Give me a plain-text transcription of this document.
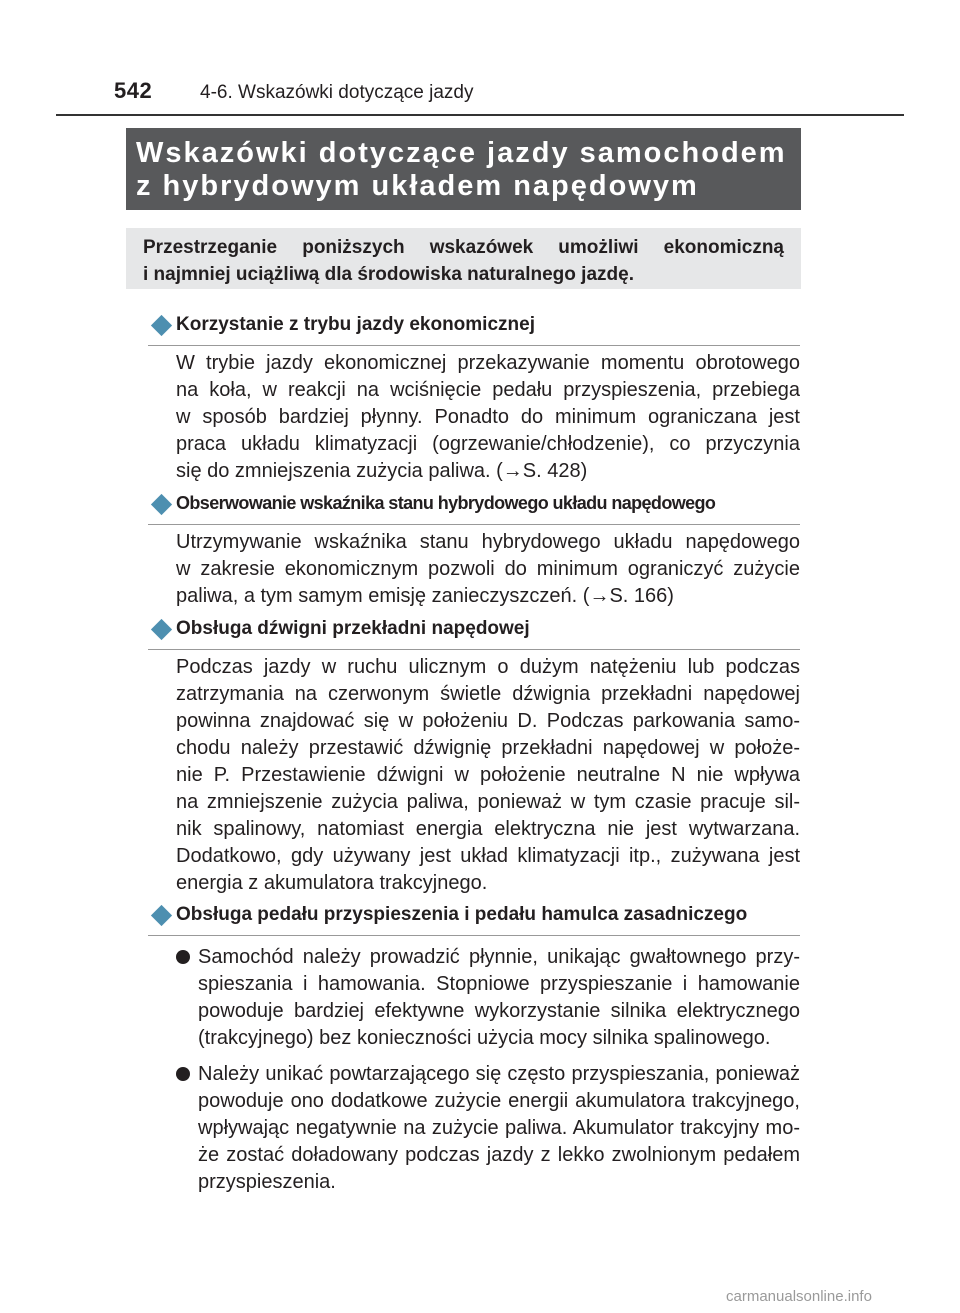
542	4-6. Wskazówki dotyczące jazdy
Wskazówki dotyczące jazdy samochodem
z hybrydowym układem napędowym
Przestrzeganie poniższych wskazówek umożliwi ekonomiczną
i najmniej uciążliwą dla środowiska naturalnego jazdę.
Korzystanie z trybu jazdy ekonomicznej
W trybie jazdy ekonomicznej przekazywanie momentu obrotowego
na koła, w reakcji na wciśnięcie pedału przyspieszenia, przebiega
w sposób bardziej płynny. Ponadto do minimum ograniczana jest
praca układu klimatyzacji (ogrzewanie/chłodzenie), co przyczynia
się do zmniejszenia zużycia paliwa. (→S. 428)
Obserwowanie wskaźnika stanu hybrydowego układu napędowego
Utrzymywanie wskaźnika stanu hybrydowego układu napędowego
w zakresie ekonomicznym pozwoli do minimum ograniczyć zużycie
paliwa, a tym samym emisję zanieczyszczeń. (→S. 166)
Obsługa dźwigni przekładni napędowej
Podczas jazdy w ruchu ulicznym o dużym natężeniu lub podczas
zatrzymania na czerwonym świetle dźwignia przekładni napędowej
powinna znajdować się w położeniu D. Podczas parkowania samo-
chodu należy przestawić dźwignię przekładni napędowej w położe-
nie P. Przestawienie dźwigni w położenie neutralne N nie wpływa
na zmniejszenie zużycia paliwa, ponieważ w tym czasie pracuje sil-
nik spalinowy, natomiast energia elektryczna nie jest wytwarzana.
Dodatkowo, gdy używany jest układ klimatyzacji itp., zużywana jest
energia z akumulatora trakcyjnego.
Obsługa pedału przyspieszenia i pedału hamulca zasadniczego
Samochód należy prowadzić płynnie, unikając gwałtownego przy-
spieszania i hamowania. Stopniowe przyspieszanie i hamowanie
powoduje bardziej efektywne wykorzystanie silnika elektrycznego
(trakcyjnego) bez konieczności użycia mocy silnika spalinowego.
Należy unikać powtarzającego się często przyspieszania, ponieważ
powoduje ono dodatkowe zużycie energii akumulatora trakcyjnego,
wpływając negatywnie na zużycie paliwa. Akumulator trakcyjny mo-
że zostać doładowany podczas jazdy z lekko zwolnionym pedałem
przyspieszenia.
carmanualsonline.info
